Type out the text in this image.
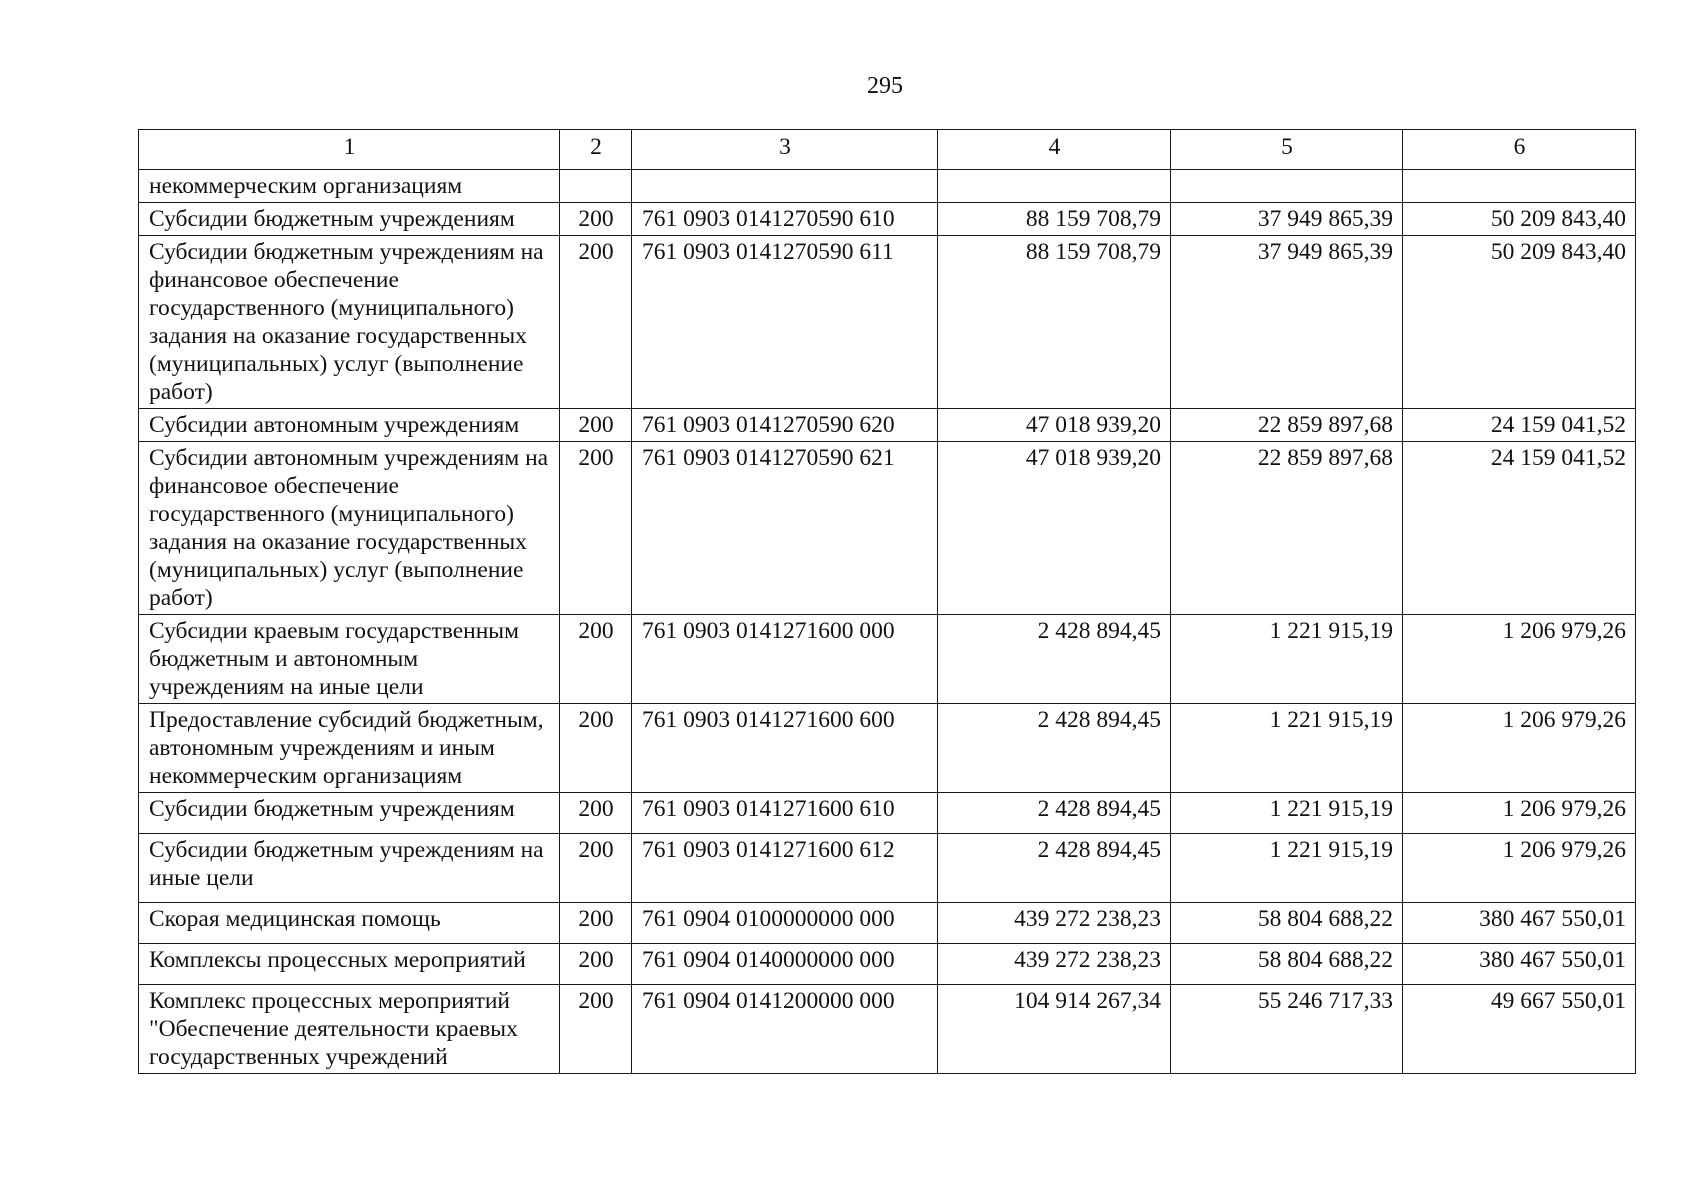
295
1	2	3	4	5	6
некоммерческим организациям					
Субсидии бюджетным учреждениям	200	761 0903 0141270590 610	88 159 708,79	37 949 865,39	50 209 843,40
Субсидии бюджетным учреждениям на финансовое обеспечение государственного (муниципального) задания на оказание государственных (муниципальных) услуг (выполнение работ)	200	761 0903 0141270590 611	88 159 708,79	37 949 865,39	50 209 843,40
Субсидии автономным учреждениям	200	761 0903 0141270590 620	47 018 939,20	22 859 897,68	24 159 041,52
Субсидии автономным учреждениям на финансовое обеспечение государственного (муниципального) задания на оказание государственных (муниципальных) услуг (выполнение работ)	200	761 0903 0141270590 621	47 018 939,20	22 859 897,68	24 159 041,52
Субсидии краевым государственным бюджетным и автономным учреждениям на иные цели	200	761 0903 0141271600 000	2 428 894,45	1 221 915,19	1 206 979,26
Предоставление субсидий бюджетным, автономным учреждениям и иным некоммерческим организациям	200	761 0903 0141271600 600	2 428 894,45	1 221 915,19	1 206 979,26
Субсидии бюджетным учреждениям	200	761 0903 0141271600 610	2 428 894,45	1 221 915,19	1 206 979,26
Субсидии бюджетным учреждениям на иные цели	200	761 0903 0141271600 612	2 428 894,45	1 221 915,19	1 206 979,26
Скорая медицинская помощь	200	761 0904 0100000000 000	439 272 238,23	58 804 688,22	380 467 550,01
Комплексы процессных мероприятий	200	761 0904 0140000000 000	439 272 238,23	58 804 688,22	380 467 550,01
Комплекс процессных мероприятий "Обеспечение деятельности краевых государственных учреждений	200	761 0904 0141200000 000	104 914 267,34	55 246 717,33	49 667 550,01
